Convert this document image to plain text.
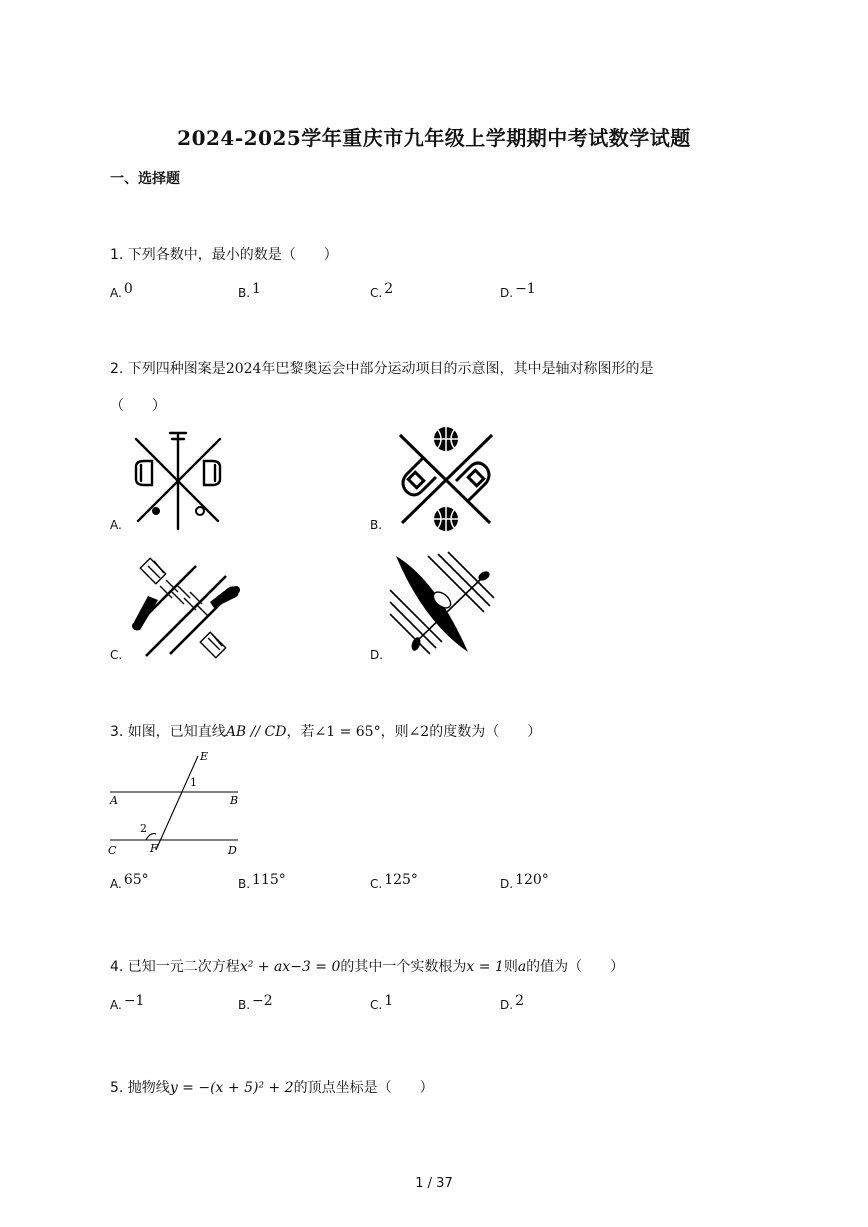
2024-2025学年重庆市九年级上学期期中考试数学试题
一、选择题
1. 下列各数中，最小的数是（　　）
A. 0	B. 1	C. 2	D. −1
2. 下列四种图案是2024年巴黎奥运会中部分运动项目的示意图，其中是轴对称图形的是
（　　）
A.	B.
C.	D.
3. 如图，已知直线AB // CD，若∠1 = 65°，则∠2的度数为（　　）
E
1
A	B
2
C	F	D
A. 65°	B. 115°	C. 125°	D. 120°
4. 已知一元二次方程x² + ax−3 = 0的其中一个实数根为x = 1则a的值为（　　）
A. −1	B. −2	C. 1	D. 2
5. 抛物线y = −(x + 5)² + 2的顶点坐标是（　　）
1 / 37
